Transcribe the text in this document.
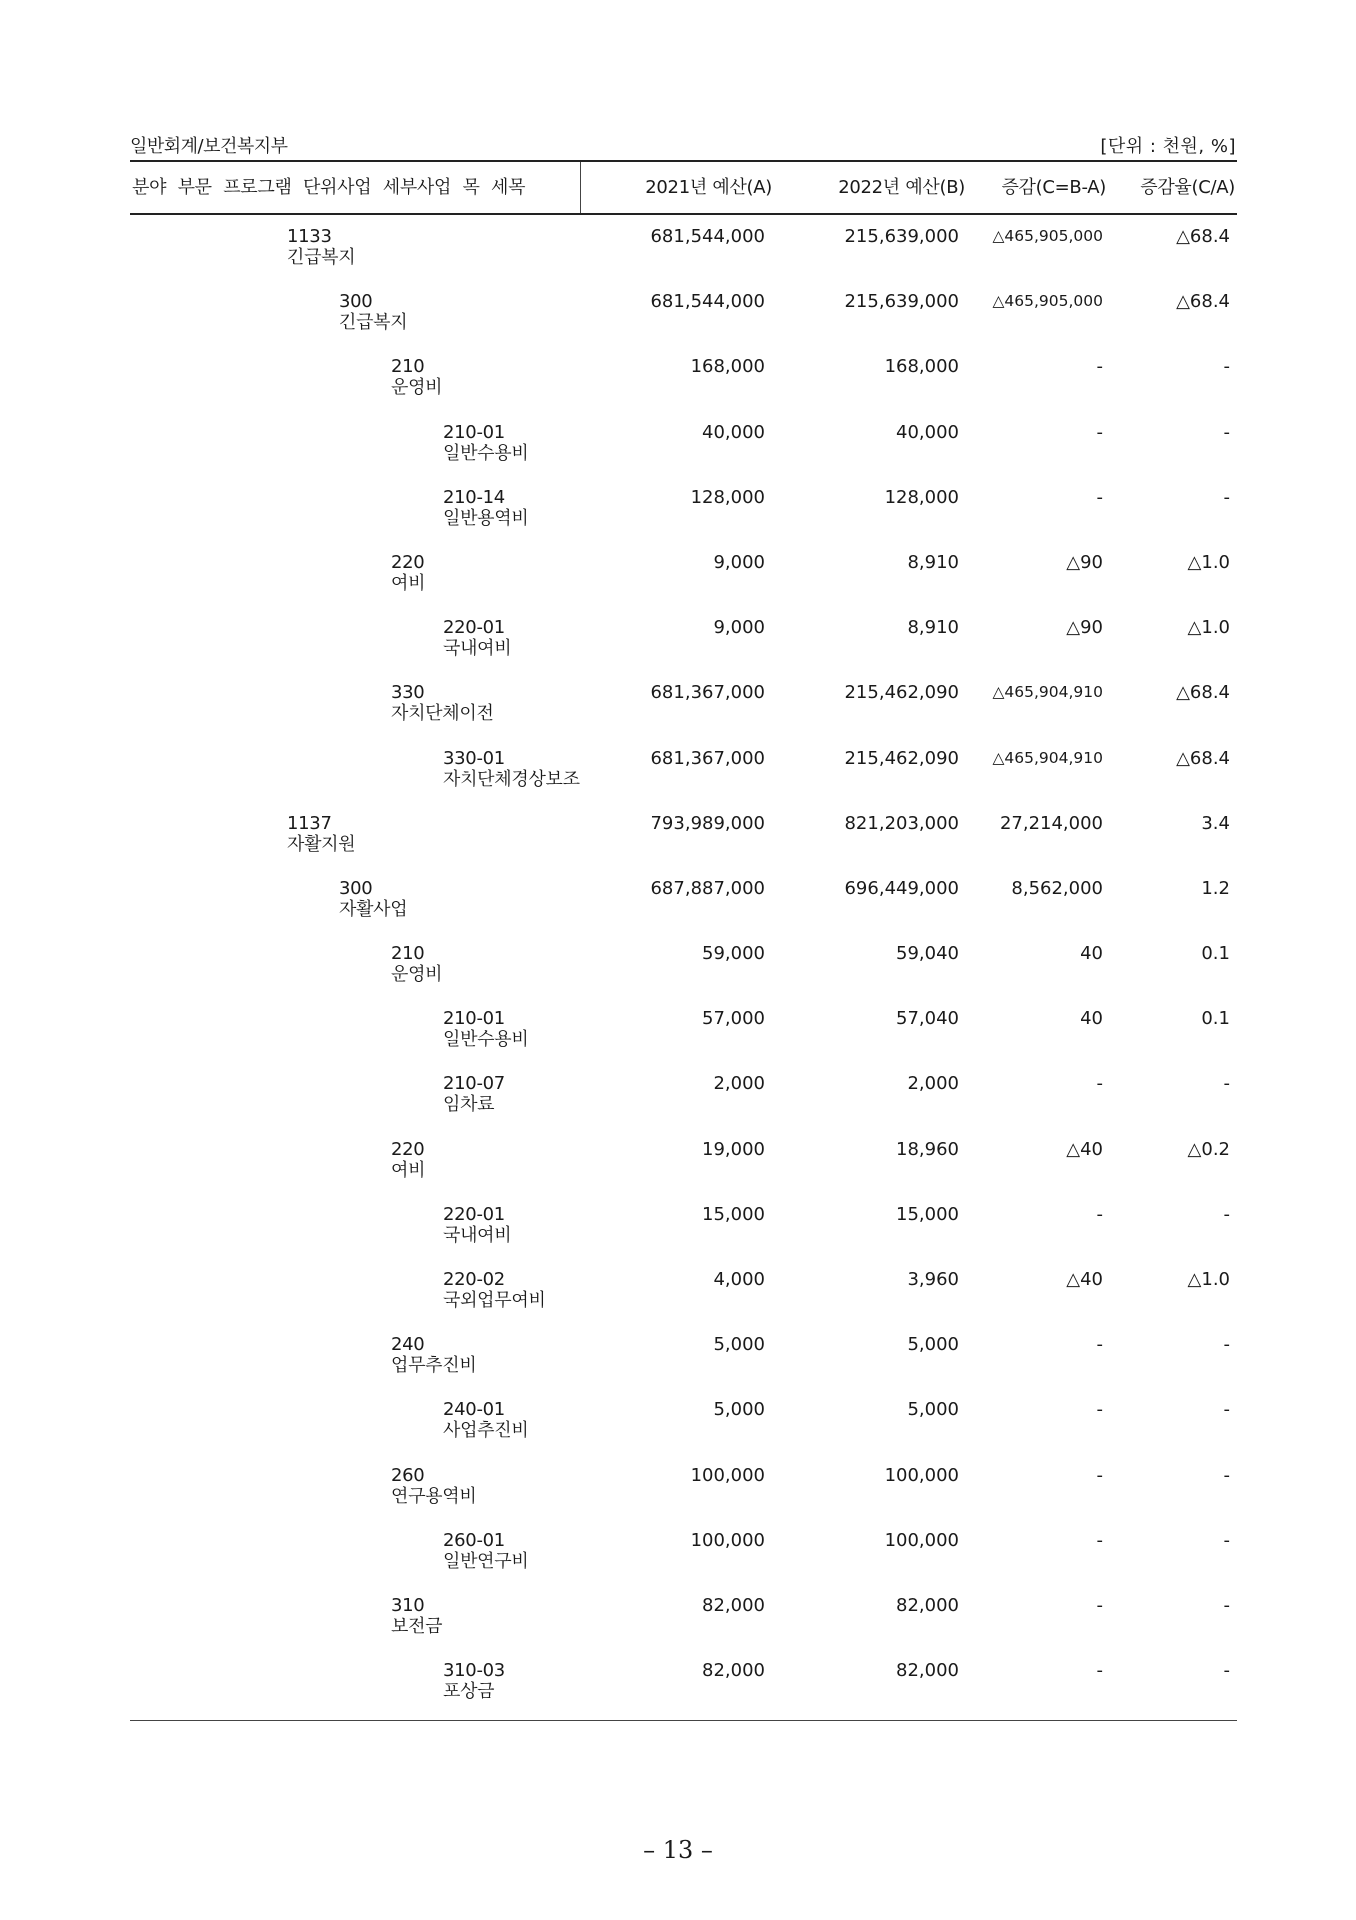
일반회계/보건복지부	[단위 : 천원, %]
분야 부문 프로그램 단위사업 세부사업 목 세목	2021년 예산(A)	2022년 예산(B) 증감(C=B-A) 증감율(C/A)
1133
긴급복지
681,544,000	215,639,000 △465,905,000	△68.4
300
긴급복지
681,544,000	215,639,000 △465,905,000	△68.4
210
운영비
168,000	168,000	-	-
210-01
일반수용비
40,000	40,000	-	-
210-14
일반용역비
128,000	128,000	-	-
220
여비
9,000	8,910	△90	△1.0
220-01
국내여비
9,000	8,910	△90	△1.0
330
자치단체이전
681,367,000	215,462,090 △465,904,910	△68.4
330-01
자치단체경상보조
681,367,000	215,462,090 △465,904,910	△68.4
1137
자활지원
793,989,000	821,203,000 27,214,000	3.4
300
자활사업
687,887,000	696,449,000	8,562,000	1.2
210
운영비
59,000	59,040	40	0.1
210-01
일반수용비
57,000	57,040	40	0.1
210-07
임차료
2,000	2,000	-	-
220
여비
19,000	18,960	△40	△0.2
220-01
국내여비
15,000	15,000	-	-
220-02
국외업무여비
4,000	3,960	△40	△1.0
240
업무추진비
5,000	5,000	-	-
240-01
사업추진비
5,000	5,000	-	-
260
연구용역비
100,000	100,000	-	-
260-01
일반연구비
100,000	100,000	-	-
310
보전금
82,000	82,000	-	-
310-03
포상금
82,000	82,000	-	-
– 13 –
